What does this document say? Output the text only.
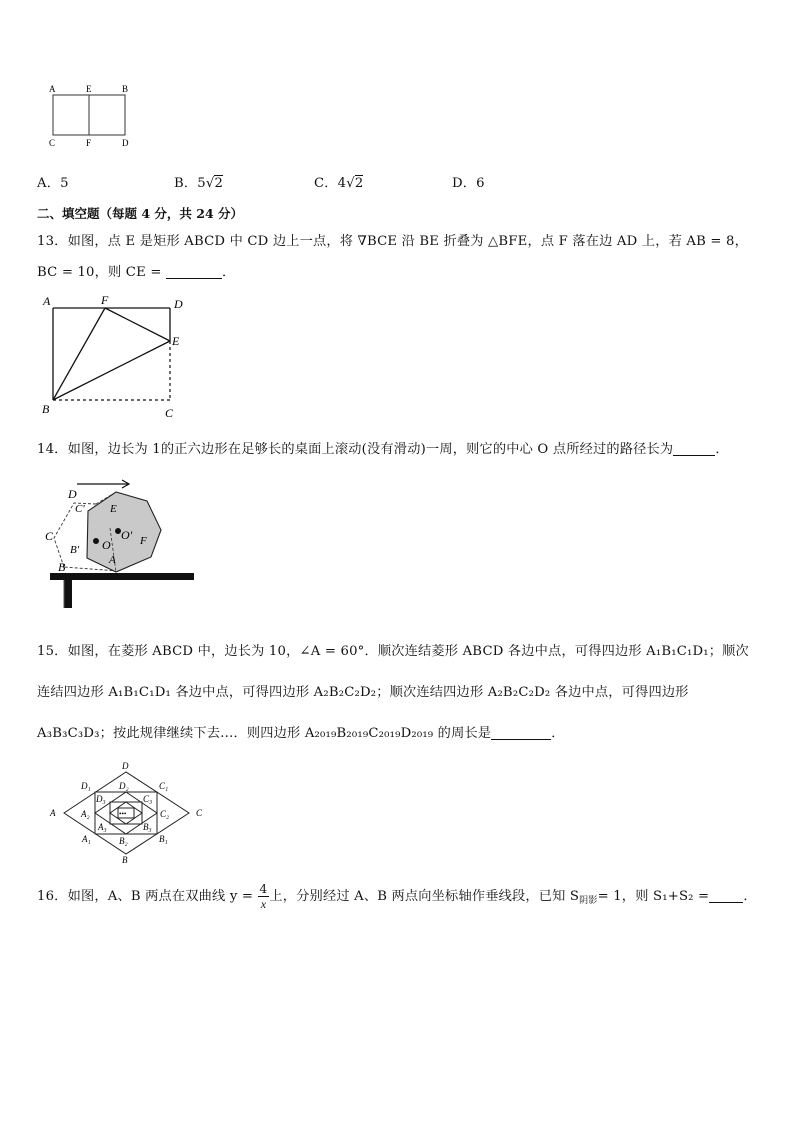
A	E	B
C	F	D
A．5	B．5√2	C．4√2	D．6
二、填空题（每题 4 分，共 24 分）
13．如图，点 E 是矩形 ABCD 中 CD 边上一点，将 ∇BCE 沿 BE 折叠为 △BFE，点 F 落在边 AD 上，若 AB = 8，
BC = 10，则 CE =	．
A	F	D
E
B	C
14．如图，边长为 1的正六边形在足够长的桌面上滚动(没有滑动)一周，则它的中心 O 点所经过的路径长为	．
D
C′ E
C	O′ F
B′ O
A
B
15．如图，在菱形 ABCD 中，边长为 10，∠A = 60°．顺次连结菱形 ABCD 各边中点，可得四边形 A₁B₁C₁D₁；顺次
连结四边形 A₁B₁C₁D₁ 各边中点，可得四边形 A₂B₂C₂D₂；顺次连结四边形 A₂B₂C₂D₂ 各边中点，可得四边形
A₃B₃C₃D₃；按此规律继续下去…．则四边形 A₂₀₁₉B₂₀₁₉C₂₀₁₉D₂₀₁₉ 的周长是	．
•••
D
D₁	D₂	C₁
D₃	C₃
A	A₂	C₂	C
A₃	B₃
A₁	B₂	B₁
B
16．如图，A、B 两点在双曲线 $y = \frac{4}{x}$ 上，分别经过 A、B 两点向坐标轴作垂线段，已知 $S_{阴影}= 1$，则 S₁+S₂ =	．
